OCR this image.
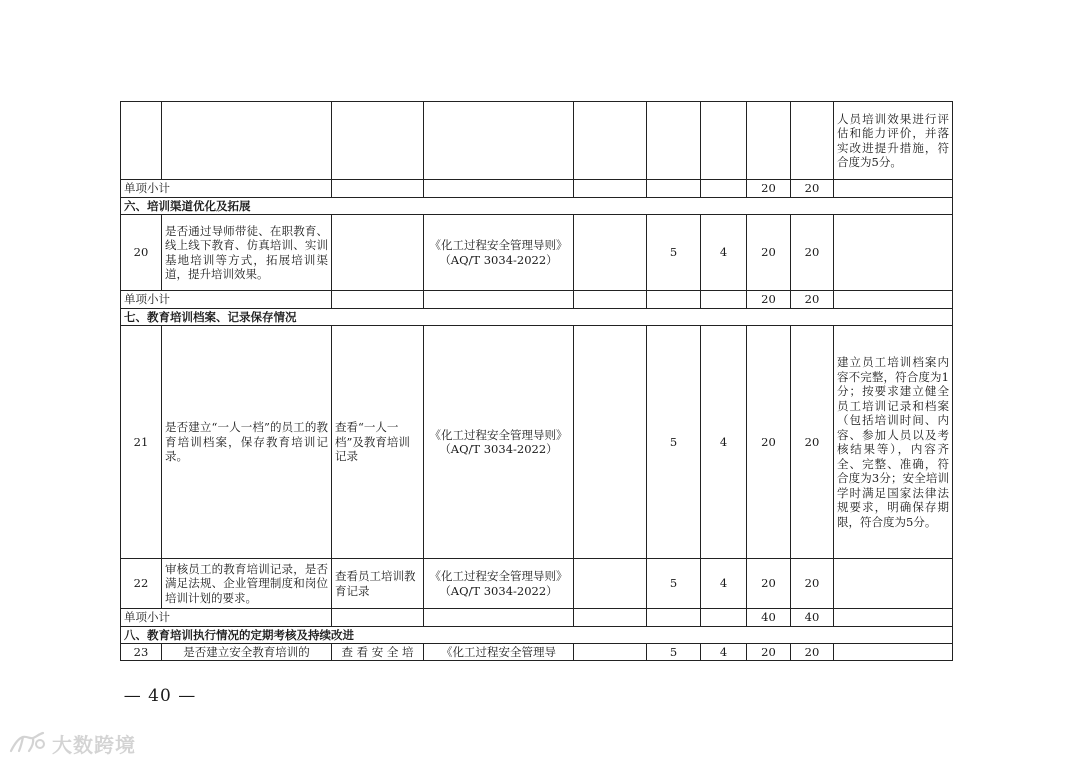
									人员培训效果进行评估和能力评价，并落实改进提升措施，符合度为5分。
单项小计							20	20	
六、培训渠道优化及拓展									
20	是否通过导师带徒、在职教育、线上线下教育、仿真培训、实训基地培训等方式，拓展培训渠道，提升培训效果。		《化工过程安全管理导则》（AQ/T 3034-2022）		5	4	20	20	
单项小计							20	20	
七、教育培训档案、记录保存情况									
21	是否建立“一人一档”的员工的教育培训档案，保存教育培训记录。	查看“一人一档”及教育培训记录	《化工过程安全管理导则》（AQ/T 3034-2022）		5	4	20	20	建立员工培训档案内容不完整，符合度为1分；按要求建立健全员工培训记录和档案（包括培训时间、内容、参加人员以及考核结果等），内容齐全、完整、准确，符合度为3分；安全培训学时满足国家法律法规要求，明确保存期限，符合度为5分。
22	审核员工的教育培训记录，是否满足法规、企业管理制度和岗位培训计划的要求。	查看员工培训教育记录	《化工过程安全管理导则》（AQ/T 3034-2022）		5	4	20	20	
单项小计							40	40	
八、教育培训执行情况的定期考核及持续改进									
23	是否建立安全教育培训的	查 看 安 全 培	《化工过程安全管理导		5	4	20	20	
— 40 —
大数跨境
